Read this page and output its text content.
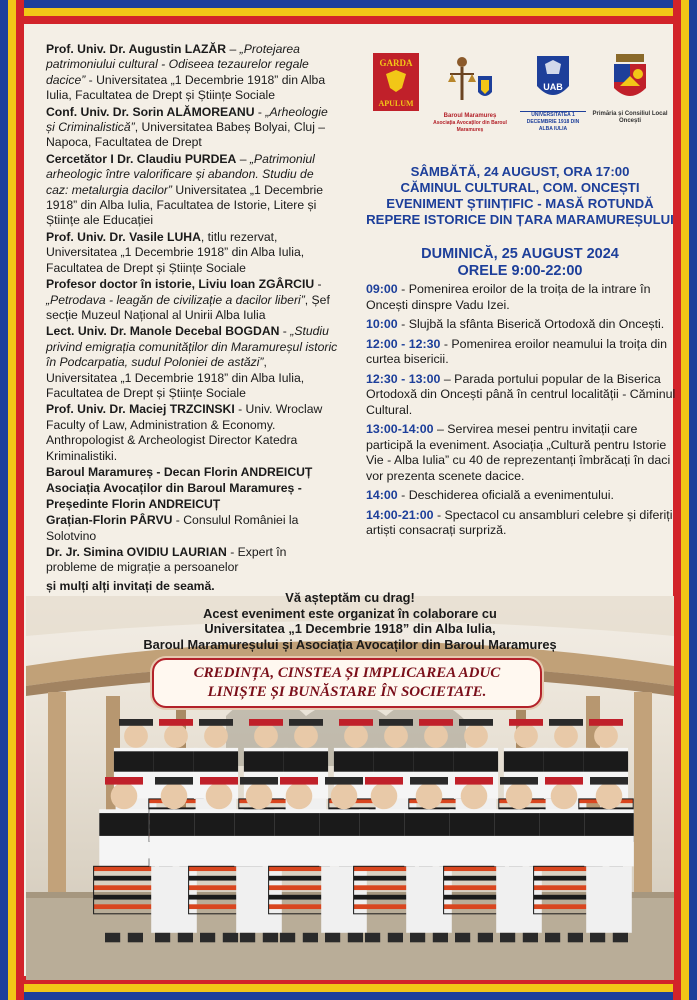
Prof. Univ. Dr. Augustin LAZĂR – „Protejarea patrimoniului cultural - Odiseea tezaurelor regale dacice” - Universitatea „1 Decembrie 1918” din Alba Iulia, Facultatea de Drept și Științe Sociale

Conf. Univ. Dr. Sorin ALĂMOREANU - „Arheologie și Criminalistică”, Universitatea Babeș Bolyai, Cluj – Napoca, Facultatea de Drept

Cercetător I Dr. Claudiu PURDEA – „Patrimoniul arheologic între valorificare și abandon. Studiu de caz: metalurgia dacilor” Universitatea „1 Decembrie 1918” din Alba Iulia, Facultatea de Istorie, Litere și Științe ale Educației

Prof. Univ. Dr. Vasile LUHA, titlu rezervat, Universitatea „1 Decembrie 1918” din Alba Iulia, Facultatea de Drept și Științe Sociale

Profesor doctor în istorie, Liviu Ioan ZGÂRCIU - „Petrodava - leagăn de civilizație a dacilor liberi”, Șef secție Muzeul Național al Unirii Alba Iulia

Lect. Univ. Dr. Manole Decebal BOGDAN - „Studiu privind emigrația comunităților din Maramureșul istoric în Podcarpatia, sudul Poloniei de astăzi”, Universitatea „1 Decembrie 1918” din Alba Iulia, Facultatea de Drept și Științe Sociale

Prof. Univ. Dr. Maciej TRZCINSKI - Univ. Wroclaw Faculty of Law, Administration & Economy. Anthropologist & Archeologist Director Katedra Kriminalistiki.

Baroul Maramureș - Decan Florin ANDREICUȚ

Asociația Avocaților din Baroul Maramureș - Președinte Florin ANDREICUȚ

Grațian-Florin PÂRVU - Consulul României la Solotvino

Dr. Jr. Simina OVIDIU LAURIAN - Expert în probleme de migrație a persoanelor

și mulți alți invitați de seamă.

GARDA
APULUM
Baroul Maramureș
Asociația Avocaților din Baroul Maramureș
UAB
UNIVERSITATEA 1 DECEMBRIE 1918 DIN ALBA IULIA
Primăria și Consiliul Local Oncești
SÂMBĂTĂ, 24 AUGUST, ORA 17:00
CĂMINUL CULTURAL, COM. ONCEȘTI
EVENIMENT ȘTIINȚIFIC - MASĂ ROTUNDĂ
REPERE ISTORICE DIN ȚARA MARAMUREȘULUI
DUMINICĂ, 25 AUGUST 2024
ORELE 9:00-22:00
09:00 - Pomenirea eroilor de la troița de la intrare în Oncești dinspre Vadu Izei.
10:00 - Slujbă la sfânta Biserică Ortodoxă din Oncești.
12:00 - 12:30 - Pomenirea eroilor neamului la troița din curtea bisericii.
12:30 - 13:00 – Parada portului popular de la Biserica Ortodoxă din Oncești până în centrul localității - Căminul Cultural.
13:00-14:00 – Servirea mesei pentru invitații care participă la eveniment. Asociația „Cultură pentru Istorie Vie - Alba Iulia” cu 40 de reprezentanți îmbrăcați în daci vor prezenta scenete dacice.
14:00 - Deschiderea oficială a evenimentului.
14:00-21:00 - Spectacol cu ansambluri celebre și diferiți artiști consacrați surpriză.
Vă așteptăm cu drag!
Acest eveniment este organizat în colaborare cu
Universitatea „1 Decembrie 1918” din Alba Iulia,
Baroul Maramureșului și Asociația Avocaților din Baroul Maramureș
CREDINȚA, CINSTEA ȘI IMPLICAREA ADUC
LINIȘTE ȘI BUNĂSTARE ÎN SOCIETATE.
